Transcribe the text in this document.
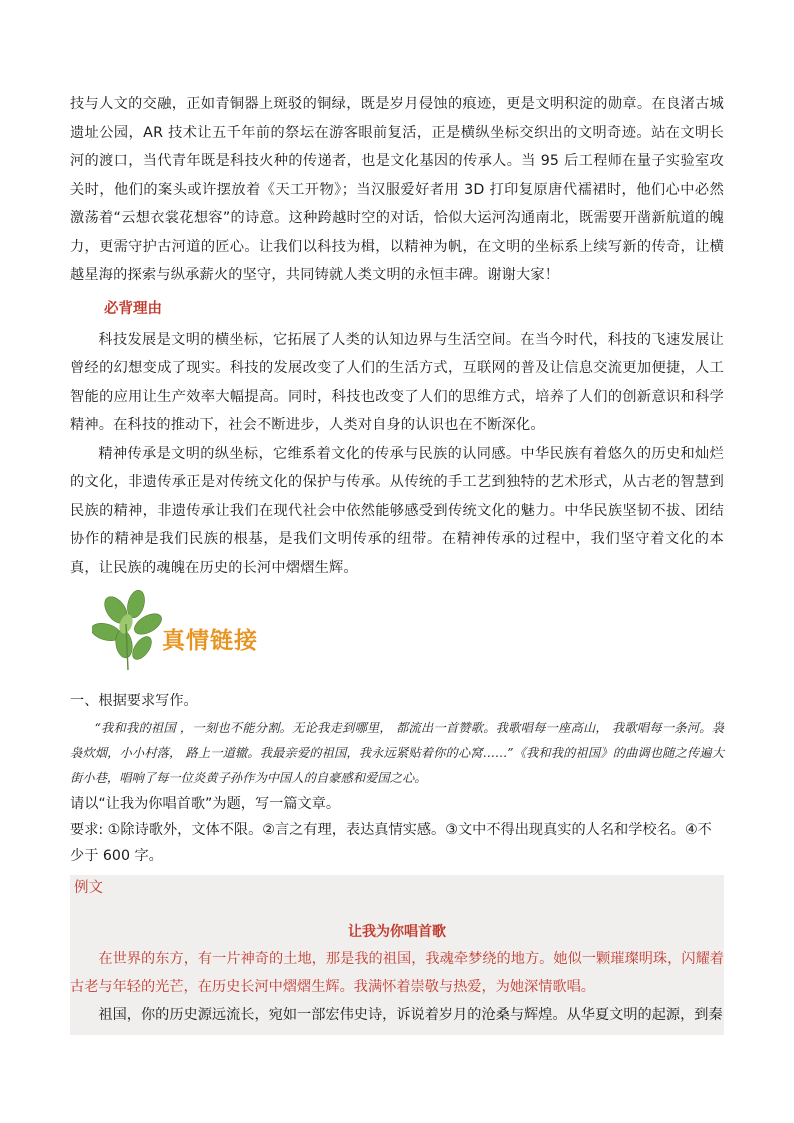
技与人文的交融，正如青铜器上斑驳的铜绿，既是岁月侵蚀的痕迹，更是文明积淀的勋章。在良渚古城遗址公园，AR 技术让五千年前的祭坛在游客眼前复活，正是横纵坐标交织出的文明奇迹。站在文明长河的渡口，当代青年既是科技火种的传递者，也是文化基因的传承人。当 95 后工程师在量子实验室攻关时，他们的案头或许摆放着《天工开物》；当汉服爱好者用 3D 打印复原唐代襦裙时，他们心中必然激荡着“云想衣裳花想容”的诗意。这种跨越时空的对话，恰似大运河沟通南北，既需要开凿新航道的魄力，更需守护古河道的匠心。让我们以科技为楫，以精神为帆，在文明的坐标系上续写新的传奇，让横越星海的探索与纵承薪火的坚守，共同铸就人类文明的永恒丰碑。谢谢大家！

必背理由

科技发展是文明的横坐标，它拓展了人类的认知边界与生活空间。在当今时代，科技的飞速发展让曾经的幻想变成了现实。科技的发展改变了人们的生活方式，互联网的普及让信息交流更加便捷，人工智能的应用让生产效率大幅提高。同时，科技也改变了人们的思维方式，培养了人们的创新意识和科学精神。在科技的推动下，社会不断进步，人类对自身的认识也在不断深化。

精神传承是文明的纵坐标，它维系着文化的传承与民族的认同感。中华民族有着悠久的历史和灿烂的文化，非遗传承正是对传统文化的保护与传承。从传统的手工艺到独特的艺术形式，从古老的智慧到民族的精神，非遗传承让我们在现代社会中依然能够感受到传统文化的魅力。中华民族坚韧不拔、团结协作的精神是我们民族的根基，是我们文明传承的纽带。在精神传承的过程中，我们坚守着文化的本真，让民族的魂魄在历史的长河中熠熠生辉。

真情链接
一、根据要求写作。

“我和我的祖国 ，一刻也不能分割。无论我走到哪里， 都流出一首赞歌。我歌唱每一座高山， 我歌唱每一条河。袅袅炊烟，小小村落， 路上一道辙。我最亲爱的祖国，我永远紧贴着你的心窝……”《我和我的祖国》的曲调也随之传遍大街小巷，唱响了每一位炎黄子孙作为中国人的自豪感和爱国之心。

请以“让我为你唱首歌”为题，写一篇文章。
要求: ①除诗歌外，文体不限。②言之有理，表达真情实感。③文中不得出现真实的人名和学校名。④不少于 600 字。
例文
让我为你唱首歌

在世界的东方，有一片神奇的土地，那是我的祖国，我魂牵梦绕的地方。她似一颗璀璨明珠，闪耀着古老与年轻的光芒，在历史长河中熠熠生辉。我满怀着崇敬与热爱，为她深情歌唱。

祖国，你的历史源远流长，宛如一部宏伟史诗，诉说着岁月的沧桑与辉煌。从华夏文明的起源，到秦
